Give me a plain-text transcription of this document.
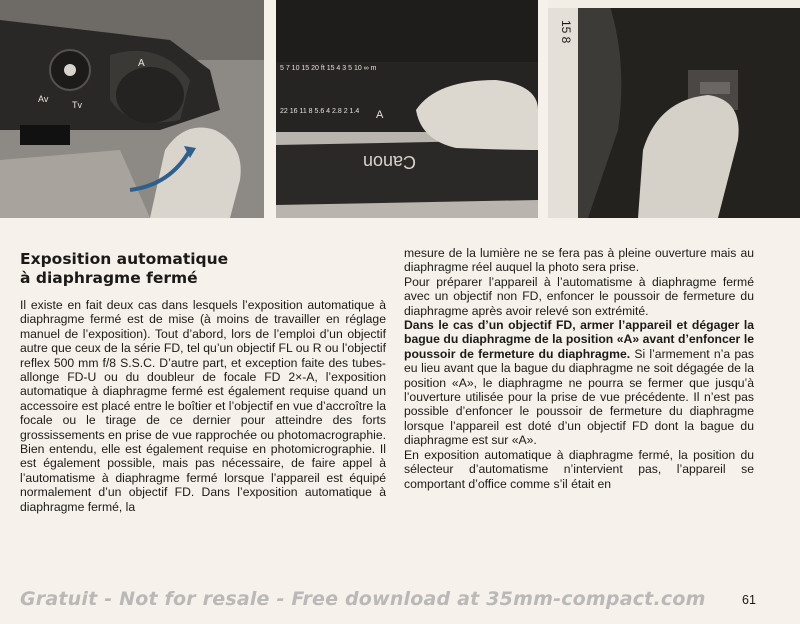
Av
Tv
A	5 7 10 15 20 ft 15 4 3 5 10 ∞ m
22 16 11 8 5.6 4 2.8 2 1.4 A
Canon
15 8
Exposition automatique
à diaphragme fermé

Il existe en fait deux cas dans lesquels l’exposition automatique à diaphragme fermé est de mise (à moins de travailler en réglage manuel de l’exposition). Tout d’abord, lors de l’emploi d’un objectif autre que ceux de la série FD, tel qu’un objectif FL ou R ou l’objectif reflex 500 mm f/8 S.S.C. D’autre part, et exception faite des tubes-allonge FD-U ou du doubleur de focale FD 2×-A, l’exposition automatique à diaphragme fermé est également requise quand un accessoire est placé entre le boîtier et l’objectif en vue d’accroître la focale ou le tirage de ce dernier pour atteindre des forts grossissements en prise de vue rapprochée ou photomacrographie. Bien entendu, elle est également requise en photomicrographie. Il est également possible, mais pas nécessaire, de faire appel à l’automatisme à diaphragme fermé lorsque l’appareil est équipé normalement d’un objectif FD. Dans l’exposition automatique à diaphragme fermé, la

mesure de la lumière ne se fera pas à pleine ouverture mais au diaphragme réel auquel la photo sera prise.

Pour préparer l’appareil à l’automatisme à diaphragme fermé avec un objectif non FD, enfoncer le poussoir de fermeture du diaphragme après avoir relevé son extrémité.

Dans le cas d’un objectif FD, armer l’appareil et dégager la bague du diaphragme de la position «A» avant d’enfoncer le poussoir de fermeture du diaphragme. Si l’armement n’a pas eu lieu avant que la bague du diaphragme ne soit dégagée de la position «A», le diaphragme ne pourra se fermer que jusqu’à l’ouverture utilisée pour la prise de vue précédente. Il n’est pas possible d’enfoncer le poussoir de fermeture du diaphragme lorsque l’appareil est doté d’un objectif FD dont la bague du diaphragme est sur «A».

En exposition automatique à diaphragme fermé, la position du sélecteur d’automatisme n’intervient pas, l’appareil se comportant d’office comme s’il était en

Gratuit - Not for resale - Free download at 35mm-compact.com	61
